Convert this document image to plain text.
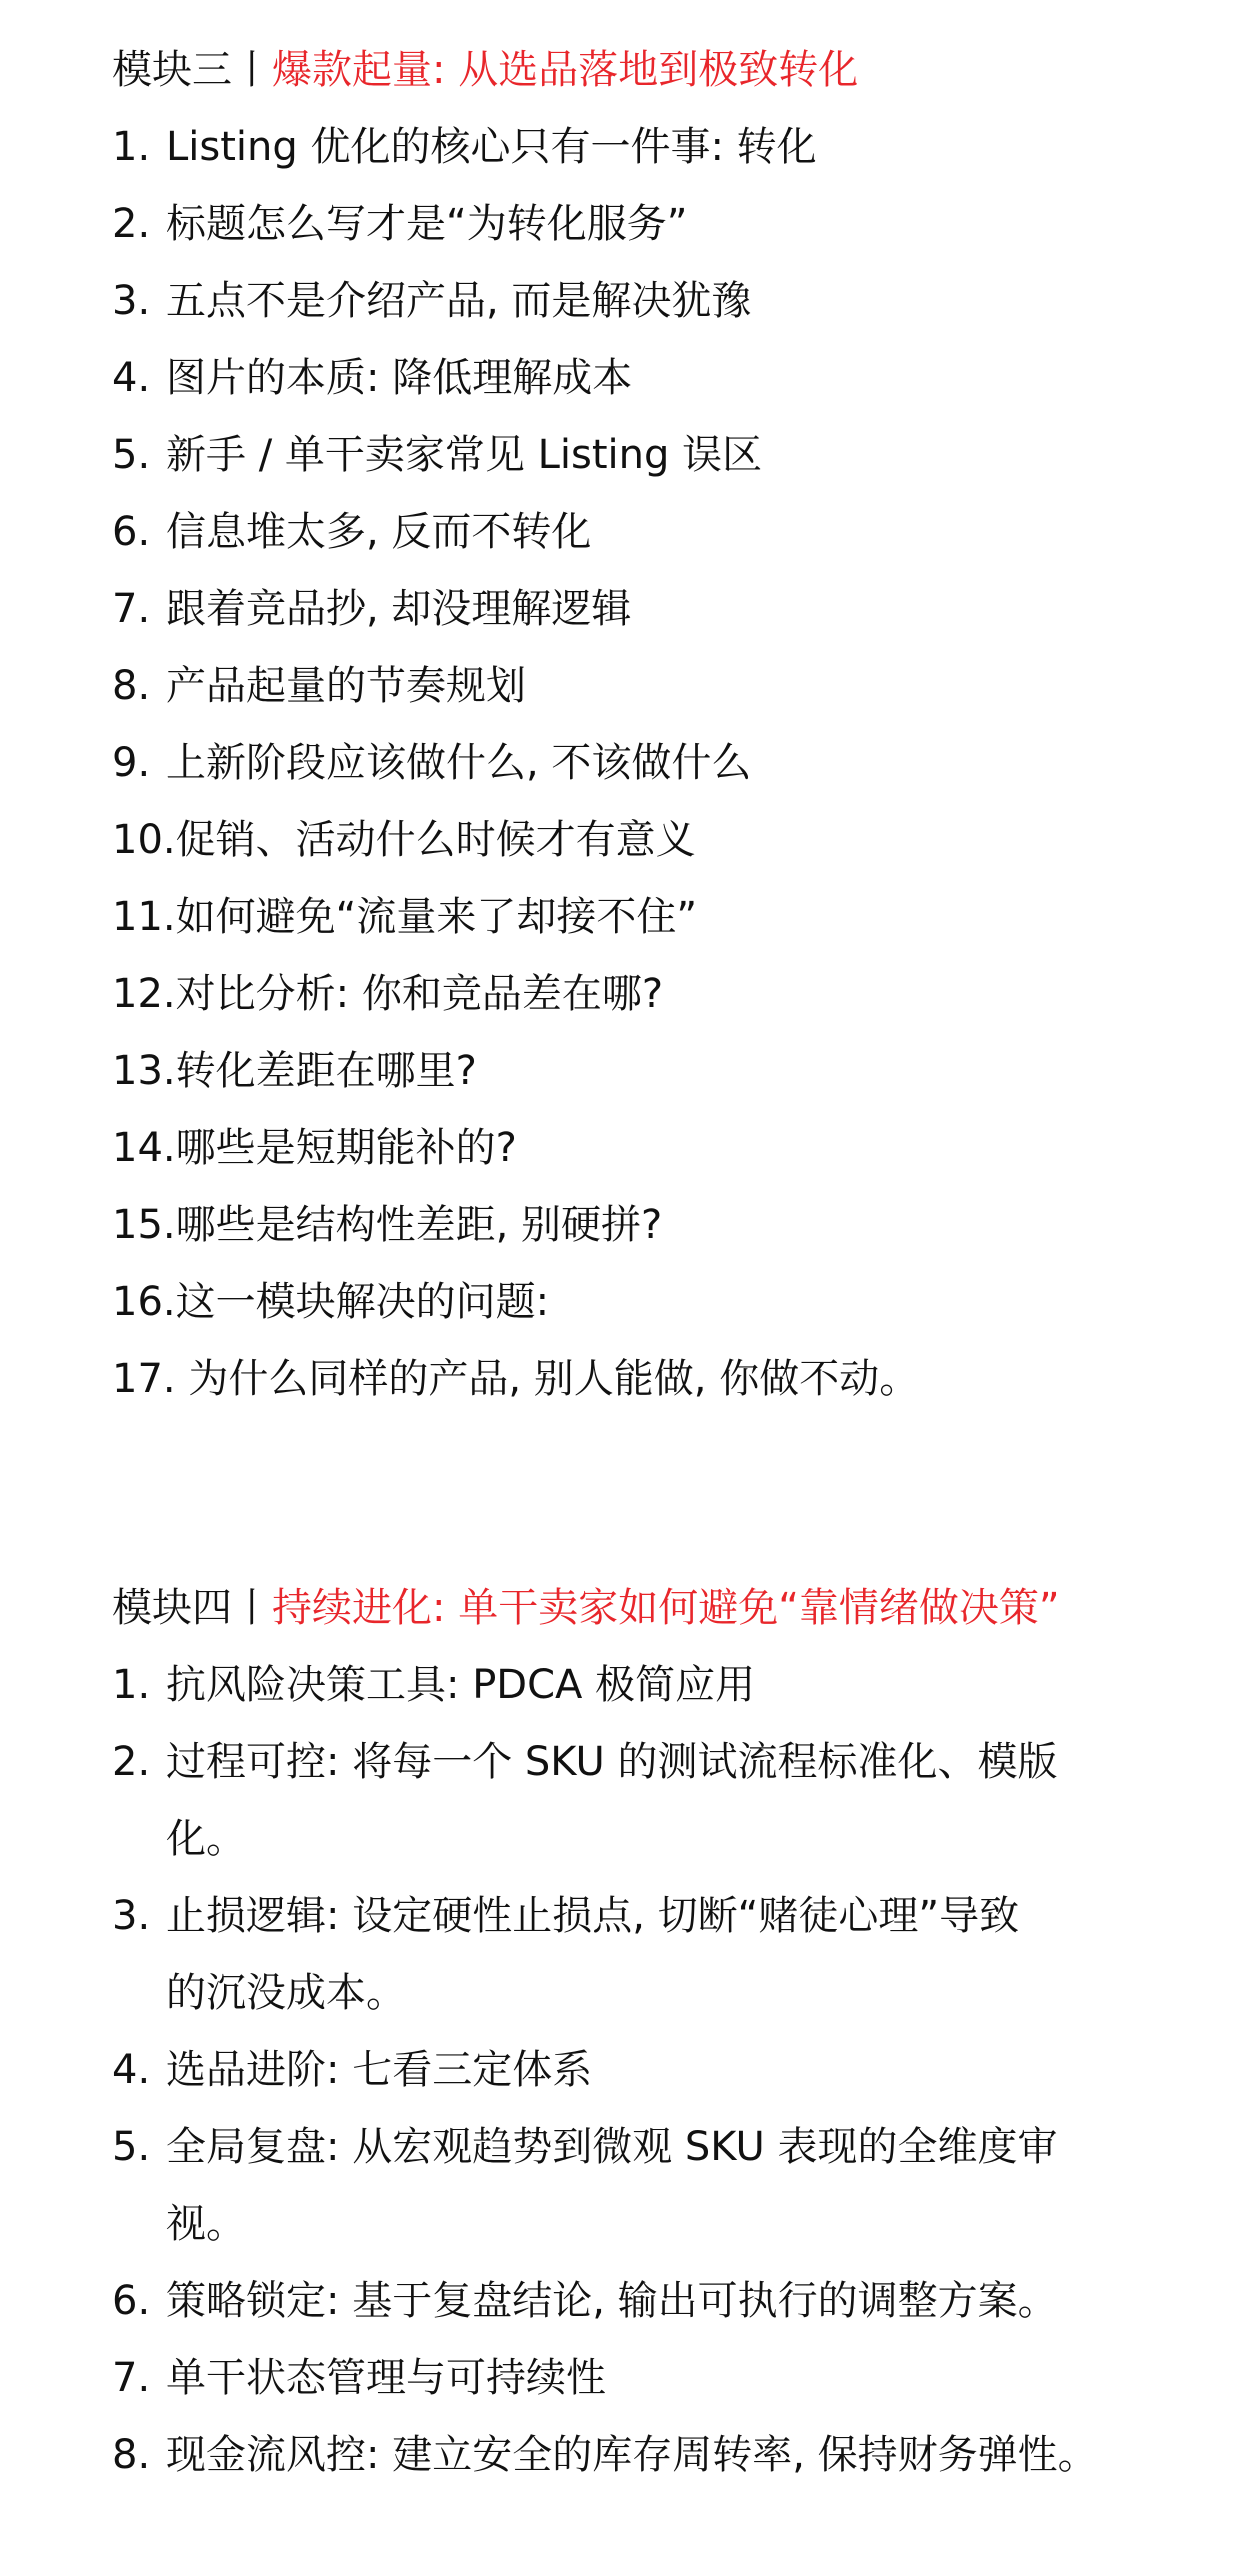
模块三丨爆款起量: 从选品落地到极致转化
1. Listing 优化的核心只有一件事: 转化
2. 标题怎么写才是“为转化服务”
3. 五点不是介绍产品, 而是解决犹豫
4. 图片的本质: 降低理解成本
5. 新手 / 单干卖家常见 Listing 误区
6. 信息堆太多, 反而不转化
7. 跟着竞品抄, 却没理解逻辑
8. 产品起量的节奏规划
9. 上新阶段应该做什么, 不该做什么
10.促销、活动什么时候才有意义
11.如何避免“流量来了却接不住”
12.对比分析: 你和竞品差在哪?
13.转化差距在哪里?
14.哪些是短期能补的?
15.哪些是结构性差距, 别硬拼?
16.这一模块解决的问题:
17. 为什么同样的产品, 别人能做, 你做不动。
模块四丨持续进化: 单干卖家如何避免“靠情绪做决策”
1. 抗风险决策工具: PDCA 极简应用
2. 过程可控: 将每一个 SKU 的测试流程标准化、模版
化。
3. 止损逻辑: 设定硬性止损点, 切断“赌徒心理”导致
的沉没成本。
4. 选品进阶: 七看三定体系
5. 全局复盘: 从宏观趋势到微观 SKU 表现的全维度审
视。
6. 策略锁定: 基于复盘结论, 输出可执行的调整方案。
7. 单干状态管理与可持续性
8. 现金流风控: 建立安全的库存周转率, 保持财务弹性。
